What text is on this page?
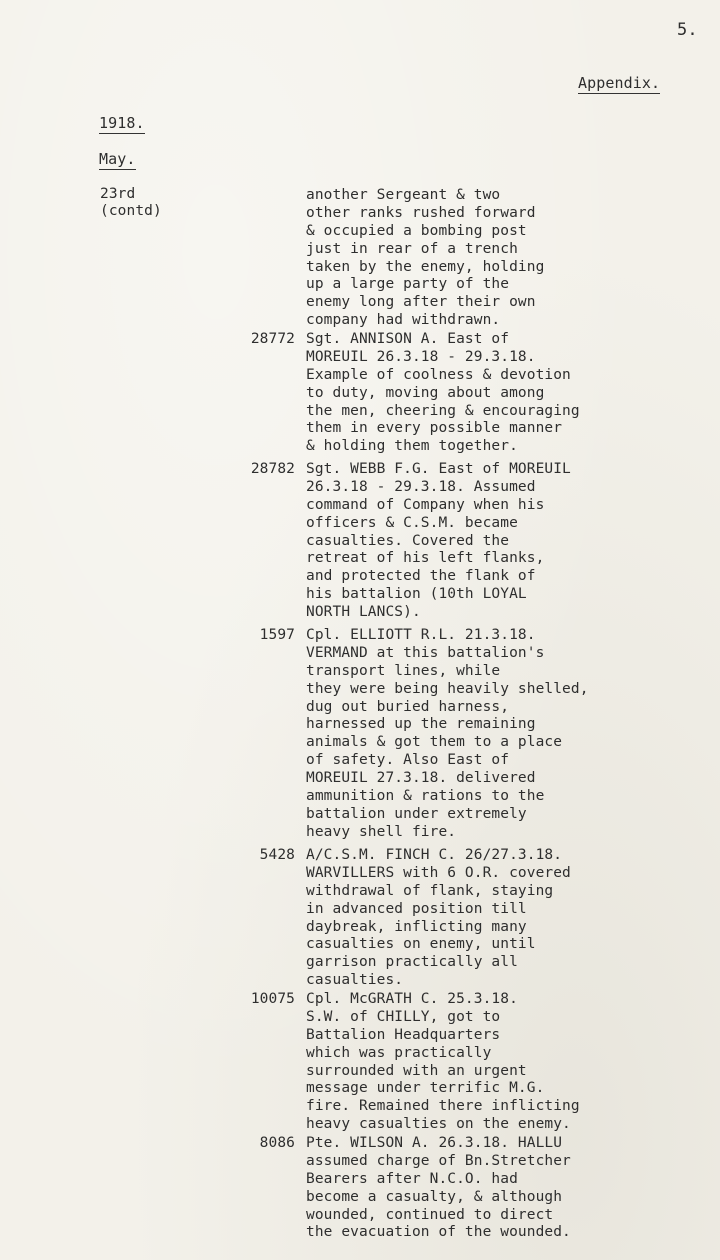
5.
Appendix.
1918.
May.
23rd
(contd)
another Sergeant & two
other ranks rushed forward
& occupied a bombing post
just in rear of a trench
taken by the enemy, holding
up a large party of the
enemy long after their own
company had withdrawn.
28772 Sgt. ANNISON A. East of
MOREUIL 26.3.18 - 29.3.18.
Example of coolness & devotion
to duty, moving about among
the men, cheering & encouraging
them in every possible manner
& holding them together.
28782 Sgt. WEBB F.G. East of MOREUIL
26.3.18 - 29.3.18. Assumed
command of Company when his
officers & C.S.M. became
casualties. Covered the
retreat of his left flanks,
and protected the flank of
his battalion (10th LOYAL
NORTH LANCS).
1597 Cpl. ELLIOTT R.L. 21.3.18.
VERMAND at this battalion's
transport lines, while
they were being heavily shelled,
dug out buried harness,
harnessed up the remaining
animals & got them to a place
of safety. Also East of
MOREUIL 27.3.18. delivered
ammunition & rations to the
battalion under extremely
heavy shell fire.
5428 A/C.S.M. FINCH C. 26/27.3.18.
WARVILLERS with 6 O.R. covered
withdrawal of flank, staying
in advanced position till
daybreak, inflicting many
casualties on enemy, until
garrison practically all
casualties.
10075 Cpl. McGRATH C. 25.3.18.
S.W. of CHILLY, got to
Battalion Headquarters
which was practically
surrounded with an urgent
message under terrific M.G.
fire. Remained there inflicting
heavy casualties on the enemy.
8086 Pte. WILSON A. 26.3.18. HALLU
assumed charge of Bn.Stretcher
Bearers after N.C.O. had
become a casualty, & although
wounded, continued to direct
the evacuation of the wounded.
